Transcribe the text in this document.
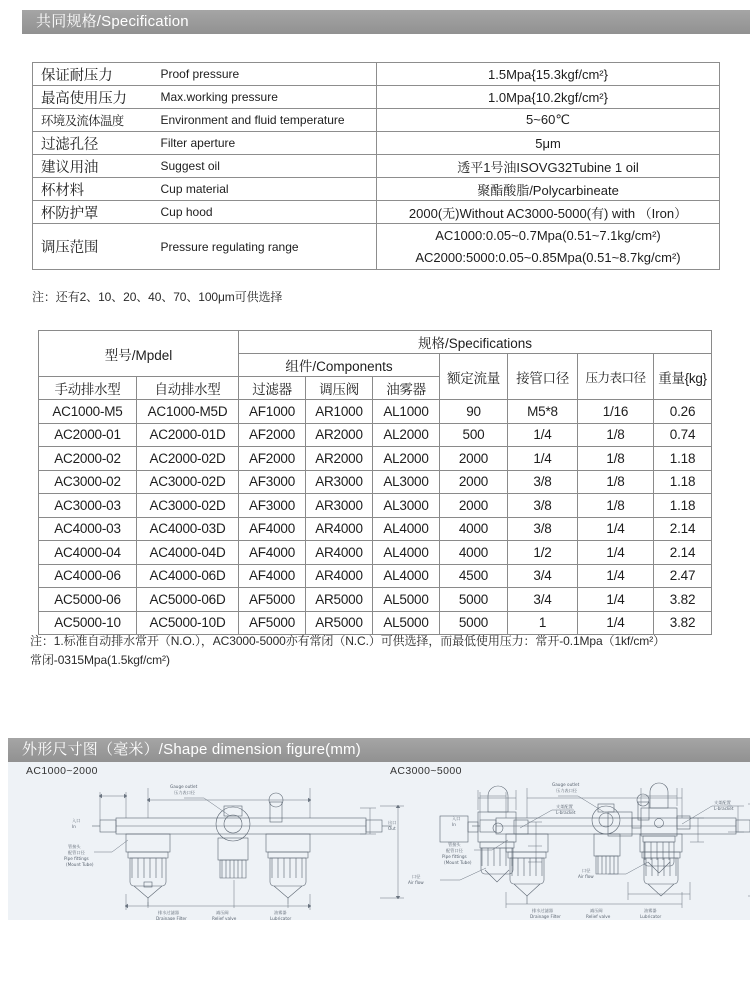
共同规格/Specification
保证耐压力	Proof pressure	1.5Mpa{15.3kgf/cm²}
最高使用压力	Max.working pressure	1.0Mpa{10.2kgf/cm²}
环境及流体温度	Environment and fluid temperature	5~60℃
过滤孔径	Filter aperture	5μm
建议用油	Suggest oil	透平1号油ISOVG32Tubine 1 oil
杯材料	Cup material	聚酯酸脂/Polycarbineate
杯防护罩	Cup hood	2000(无)Without AC3000-5000(有) with （Iron）
调压范围	Pressure regulating range	AC1000:0.05~0.7Mpa(0.51~7.1kg/cm²)
AC2000:5000:0.05~0.85Mpa(0.51~8.7kg/cm²)
注：还有2、10、20、40、70、100μm可供选择
型号/Mpdel		规格/Specifications						
		组件/Components			额定流量	接管口径	压力表口径	重量{kg}
手动排水型	自动排水型	过滤器	调压阀	油雾器				
AC1000-M5	AC1000-M5D	AF1000	AR1000	AL1000	90	M5*8	1/16	0.26
AC2000-01	AC2000-01D	AF2000	AR2000	AL2000	500	1/4	1/8	0.74
AC2000-02	AC2000-02D	AF2000	AR2000	AL2000	2000	1/4	1/8	1.18
AC3000-02	AC3000-02D	AF3000	AR3000	AL3000	2000	3/8	1/8	1.18
AC3000-03	AC3000-02D	AF3000	AR3000	AL3000	2000	3/8	1/8	1.18
AC4000-03	AC4000-03D	AF4000	AR4000	AL4000	4000	3/8	1/4	2.14
AC4000-04	AC4000-04D	AF4000	AR4000	AL4000	4000	1/2	1/4	2.14
AC4000-06	AC4000-06D	AF4000	AR4000	AL4000	4500	3/4	1/4	2.47
AC5000-06	AC5000-06D	AF5000	AR5000	AL5000	5000	3/4	1/4	3.82
AC5000-10	AC5000-10D	AF5000	AR5000	AL5000	5000	1	1/4	3.82
注：1.标准自动排水常开（N.O.），AC3000-5000亦有常闭（N.C.）可供选择，而最低使用压力：常开-0.1Mpa（1kf/cm²）
常闭-0315Mpa(1.5kgf/cm²)
外形尺寸图（毫米）/Shape dimension figure(mm)
AC1000~2000	AC3000~5000
入口
In
出口
Out
管接头
配管口径
Pipe fittings
(Mount Tube)
排水过滤器
Drainage Filter
减压阀
Relief valve
油雾器
Lubricator
压力表口径
Gauge outlet
支架配置
L-bracket
口径
Air flow
入口
In
管接头
配管口径
Pipe fittings
(Mount Tube)
排水过滤器
Drainage Filter
减压阀
Relief valve
油雾器
Lubricator
压力表口径
Gauge outlet
支架配置
L-bracket
口径
Air flow
